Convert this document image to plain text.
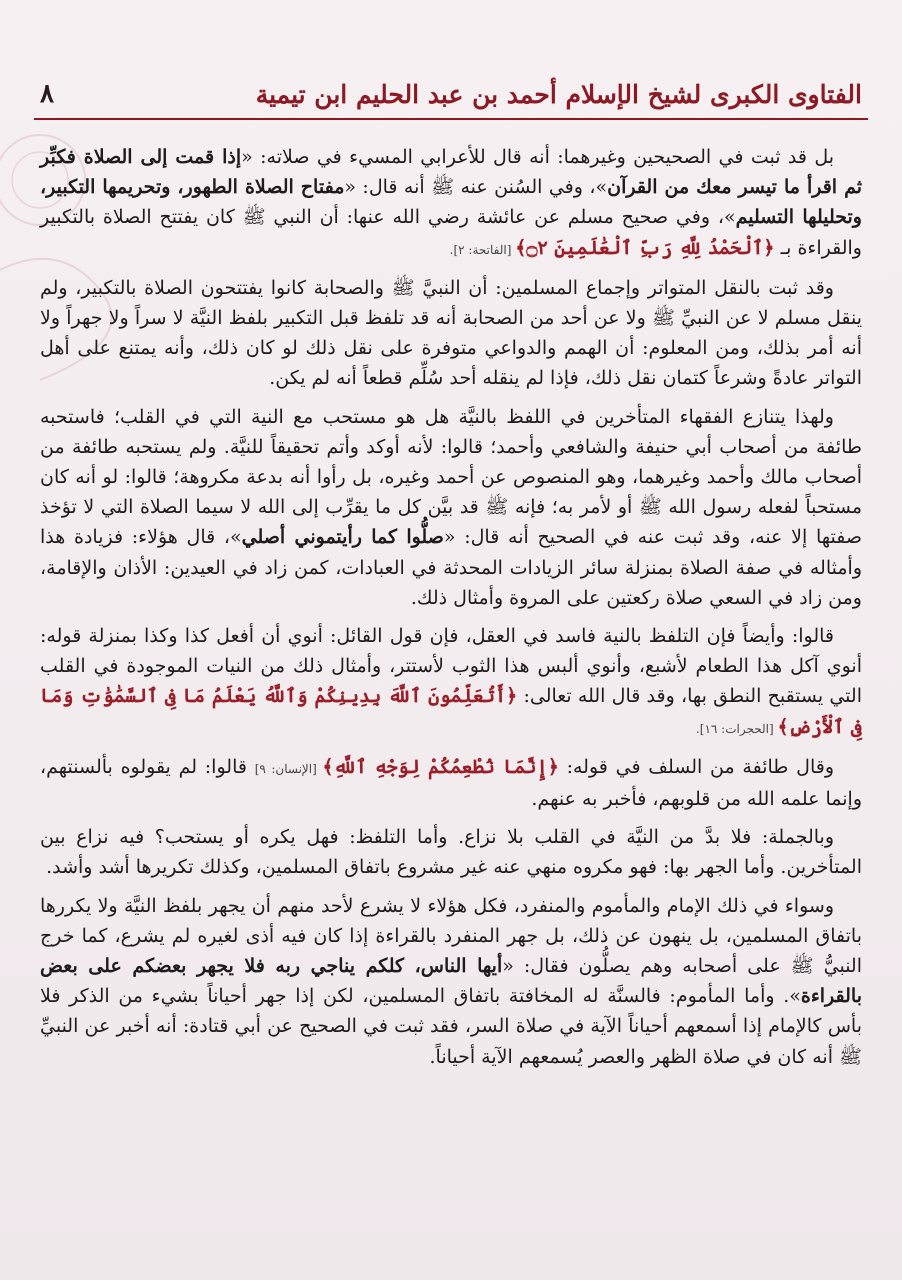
٨	الفتاوى الكبرى لشيخ الإسلام أحمد بن عبد الحليم ابن تيمية

بل قد ثبت في الصحيحين وغيرهما: أنه قال للأعرابي المسيء في صلاته: «إذا قمت إلى الصلاة فكبِّر ثم اقرأ ما تيسر معك من القرآن»، وفي السُنن عنه ﷺ أنه قال: «مفتاح الصلاة الطهور، وتحريمها التكبير، وتحليلها التسليم»، وفي صحيح مسلم عن عائشة رضي الله عنها: أن النبي ﷺ كان يفتتح الصلاة بالتكبير والقراءة بـ ﴿ٱلْحَمْدُ لِلَّهِ رَبِّ ٱلْعَٰلَمِينَ ۝٢﴾ [الفاتحة: ٢].

وقد ثبت بالنقل المتواتر وإجماع المسلمين: أن النبيَّ ﷺ والصحابة كانوا يفتتحون الصلاة بالتكبير، ولم ينقل مسلم لا عن النبيِّ ﷺ ولا عن أحد من الصحابة أنه قد تلفظ قبل التكبير بلفظ النيَّة لا سراً ولا جهراً ولا أنه أمر بذلك، ومن المعلوم: أن الهمم والدواعي متوفرة على نقل ذلك لو كان ذلك، وأنه يمتنع على أهل التواتر عادةً وشرعاً كتمان نقل ذلك، فإذا لم ينقله أحد سُلِّم قطعاً أنه لم يكن.

ولهذا يتنازع الفقهاء المتأخرين في اللفظ بالنيَّة هل هو مستحب مع النية التي في القلب؛ فاستحبه طائفة من أصحاب أبي حنيفة والشافعي وأحمد؛ قالوا: لأنه أوكد وأتم تحقيقاً للنيَّة. ولم يستحبه طائفة من أصحاب مالك وأحمد وغيرهما، وهو المنصوص عن أحمد وغيره، بل رأوا أنه بدعة مكروهة؛ قالوا: لو أنه كان مستحباً لفعله رسول الله ﷺ أو لأمر به؛ فإنه ﷺ قد بيَّن كل ما يقرِّب إلى الله لا سيما الصلاة التي لا تؤخذ صفتها إلا عنه، وقد ثبت عنه في الصحيح أنه قال: «صلُّوا كما رأيتموني أصلي»، قال هؤلاء: فزيادة هذا وأمثاله في صفة الصلاة بمنزلة سائر الزيادات المحدثة في العبادات، كمن زاد في العيدين: الأذان والإقامة، ومن زاد في السعي صلاة ركعتين على المروة وأمثال ذلك.

قالوا: وأيضاً فإن التلفظ بالنية فاسد في العقل، فإن قول القائل: أنوي أن أفعل كذا وكذا بمنزلة قوله: أنوي آكل هذا الطعام لأشبع، وأنوي ألبس هذا الثوب لأستتر، وأمثال ذلك من النيات الموجودة في القلب التي يستقبح النطق بها، وقد قال الله تعالى: ﴿أَتُعَلِّمُونَ ٱللَّهَ بِدِينِكُمْ وَٱللَّهُ يَعْلَمُ مَا فِى ٱلسَّمَٰوَٰتِ وَمَا فِى ٱلْأَرْضِ﴾ [الحجرات: ١٦].

وقال طائفة من السلف في قوله: ﴿إِنَّمَا نُطْعِمُكُمْ لِوَجْهِ ٱللَّهِ﴾ [الإنسان: ٩] قالوا: لم يقولوه بألسنتهم، وإنما علمه الله من قلوبهم، فأخبر به عنهم.

وبالجملة: فلا بدَّ من النيَّة في القلب بلا نزاع. وأما التلفظ: فهل يكره أو يستحب؟ فيه نزاع بين المتأخرين. وأما الجهر بها: فهو مكروه منهي عنه غير مشروع باتفاق المسلمين، وكذلك تكريرها أشد وأشد.

وسواء في ذلك الإمام والمأموم والمنفرد، فكل هؤلاء لا يشرع لأحد منهم أن يجهر بلفظ النيَّة ولا يكررها باتفاق المسلمين، بل ينهون عن ذلك، بل جهر المنفرد بالقراءة إذا كان فيه أذى لغيره لم يشرع، كما خرج النبيُّ ﷺ على أصحابه وهم يصلُّون فقال: «أيها الناس، كلكم يناجي ربه فلا يجهر بعضكم على بعض بالقراءة». وأما المأموم: فالسنَّة له المخافتة باتفاق المسلمين، لكن إذا جهر أحياناً بشيء من الذكر فلا بأس كالإمام إذا أسمعهم أحياناً الآية في صلاة السر، فقد ثبت في الصحيح عن أبي قتادة: أنه أخبر عن النبيِّ ﷺ أنه كان في صلاة الظهر والعصر يُسمعهم الآية أحياناً.
